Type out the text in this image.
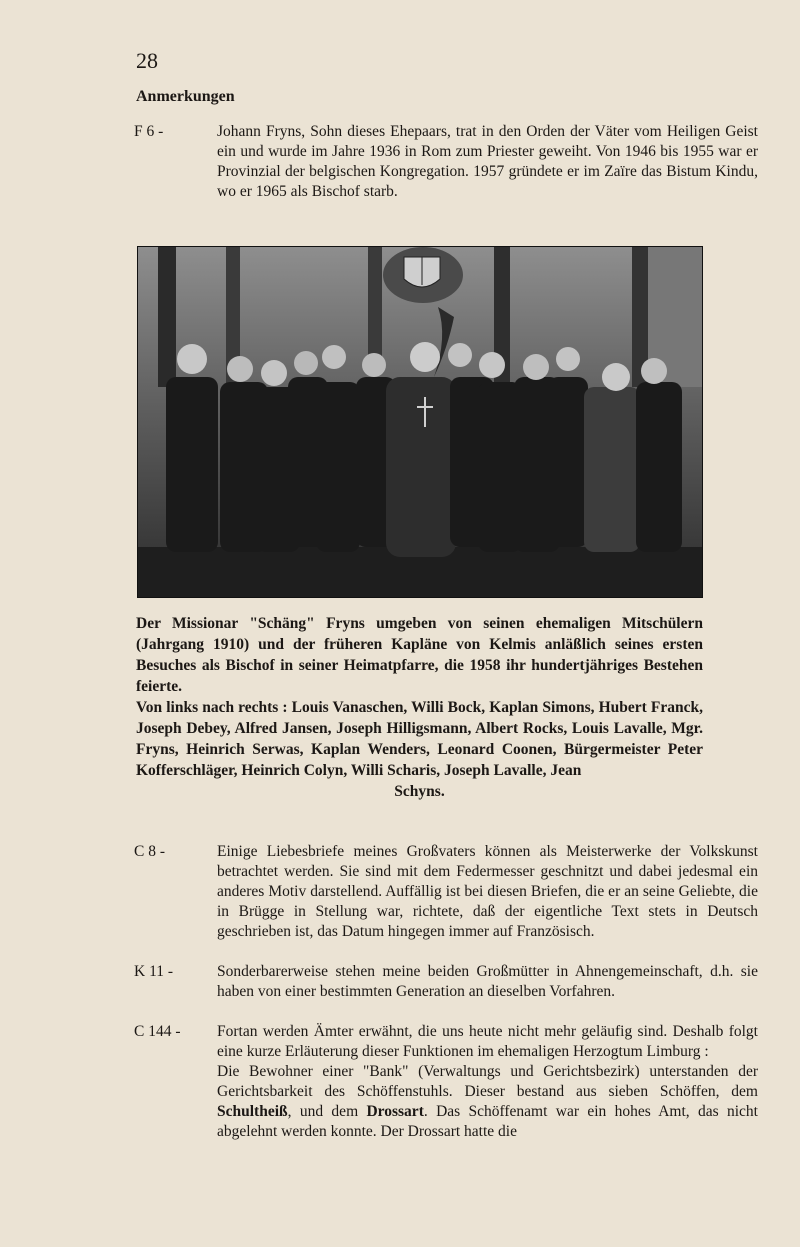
28
Anmerkungen
F 6 -	Johann Fryns, Sohn dieses Ehepaars, trat in den Orden der Väter vom Heiligen Geist ein und wurde im Jahre 1936 in Rom zum Priester geweiht. Von 1946 bis 1955 war er Provinzial der belgischen Kongregation. 1957 gründete er im Zaïre das Bistum Kindu, wo er 1965 als Bischof starb.

Der Missionar "Schäng" Fryns umgeben von seinen ehemaligen Mitschülern (Jahrgang 1910) und der früheren Kapläne von Kelmis anläßlich seines ersten Besuches als Bischof in seiner Heimatpfarre, die 1958 ihr hundertjähriges Bestehen feierte.

Von links nach rechts : Louis Vanaschen, Willi Bock, Kaplan Simons, Hubert Franck, Joseph Debey, Alfred Jansen, Joseph Hilligsmann, Albert Rocks, Louis Lavalle, Mgr. Fryns, Heinrich Serwas, Kaplan Wenders, Leonard Coonen, Bürgermeister Peter Kofferschläger, Heinrich Colyn, Willi Scharis, Joseph Lavalle, Jean

Schyns.
C 8 -	Einige Liebesbriefe meines Großvaters können als Meisterwerke der Volkskunst betrachtet werden. Sie sind mit dem Federmesser geschnitzt und dabei jedesmal ein anderes Motiv darstellend. Auffällig ist bei diesen Briefen, die er an seine Geliebte, die in Brügge in Stellung war, richtete, daß der eigentliche Text stets in Deutsch geschrieben ist, das Datum hingegen immer auf Französisch.
K 11 -	Sonderbarerweise stehen meine beiden Großmütter in Ahnengemeinschaft, d.h. sie haben von einer bestimmten Generation an dieselben Vorfahren.
C 144 - Fortan werden Ämter erwähnt, die uns heute nicht mehr geläufig sind. Deshalb folgt eine kurze Erläuterung dieser Funktionen im ehemaligen Herzogtum Limburg :

Die Bewohner einer "Bank" (Verwaltungs und Gerichtsbezirk) unterstanden der Gerichtsbarkeit des Schöffenstuhls. Dieser bestand aus sieben Schöffen, dem Schultheiß, und dem Drossart. Das Schöffenamt war ein hohes Amt, das nicht abgelehnt werden konnte. Der Drossart hatte die
